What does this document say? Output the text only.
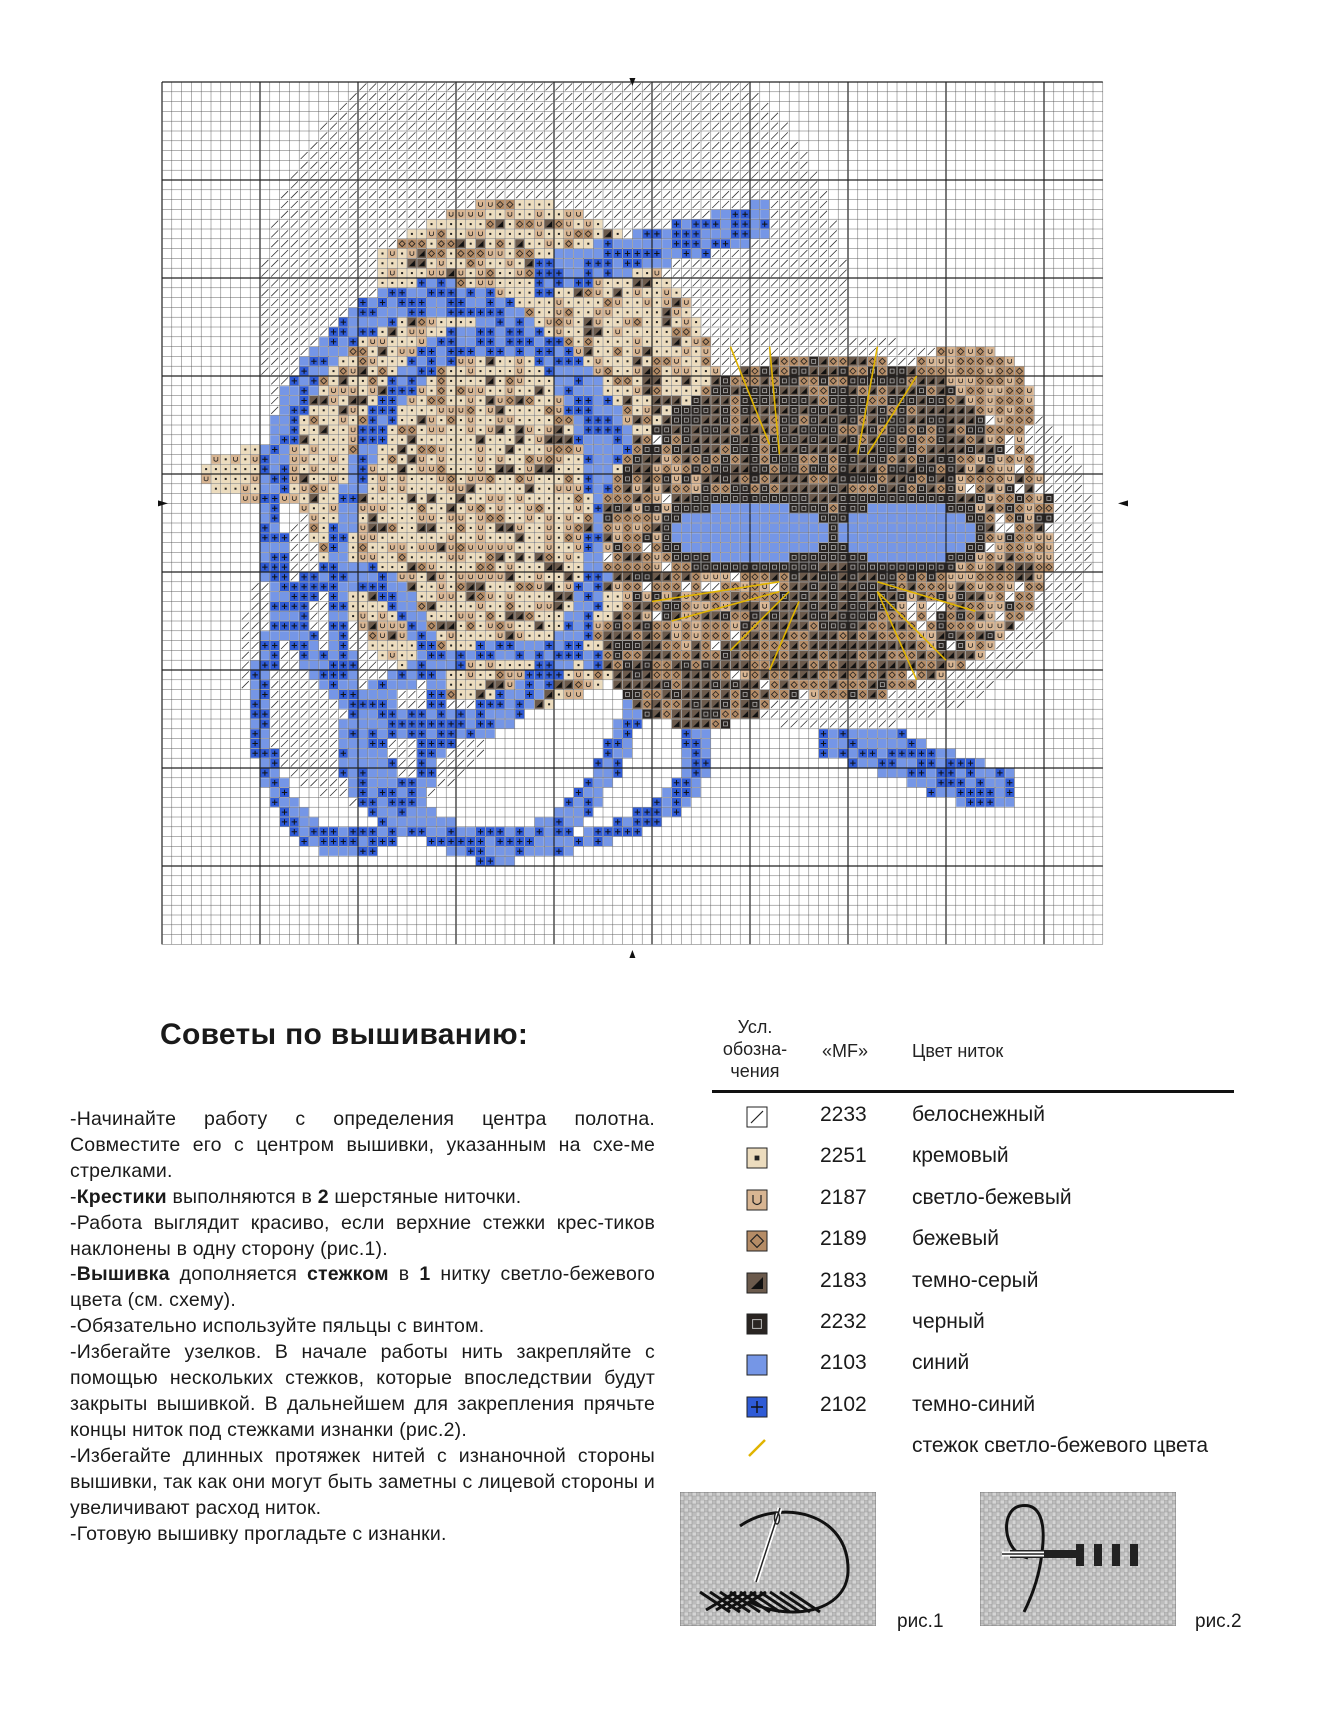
Советы по вышиванию:
-Начинайте работу с определения центра полотна. Совместите его с центром вышивки, указанным на схе-ме стрелками.
-Крестики выполняются в 2 шерстяные ниточки.
-Работа выглядит красиво, если верхние стежки крес-тиков наклонены в одну сторону (рис.1).
-Вышивка дополняется стежком в 1 нитку светло-бежевого цвета (см. схему).
-Обязательно используйте пяльцы с винтом.
-Избегайте узелков. В начале работы нить закрепляйте с помощью нескольких стежков, которые впоследствии будут закрыты вышивкой. В дальнейшем для закрепления прячьте концы ниток под стежками изнанки (рис.2).
-Избегайте длинных протяжек нитей с изнаночной стороны вышивки, так как они могут быть заметны с лицевой стороны и увеличивают расход ниток.
-Готовую вышивку прогладьте с изнанки.
Усл.
обозна-
чения
«MF» Цвет ниток
2233 белоснежный
2251 кремовый
2187 светло-бежевый
2189 бежевый
2183 темно-серый
2232 черный
2103 синий
2102 темно-синий
стежок светло-бежевого цвета
рис.1	рис.2
